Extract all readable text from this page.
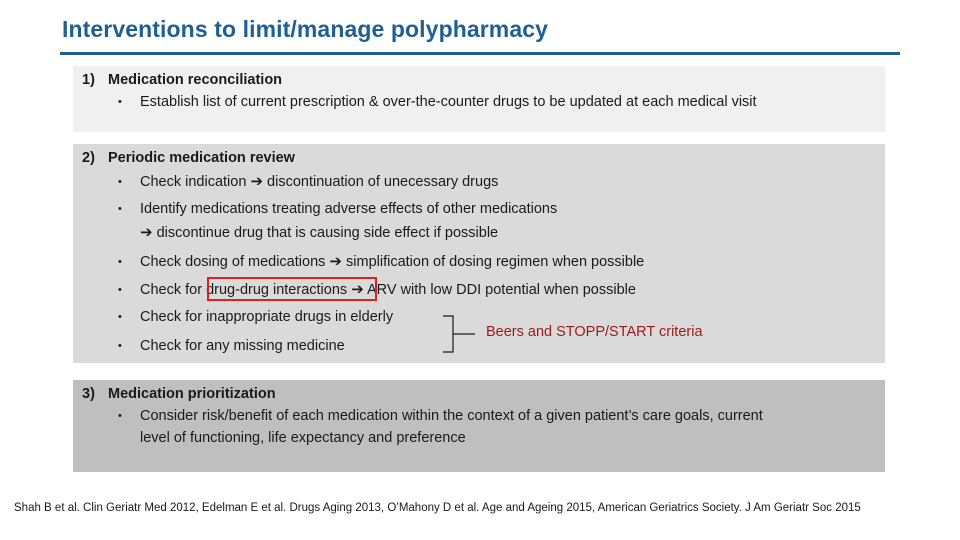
Interventions to limit/manage polypharmacy
1) Medication reconciliation
• Establish list of current prescription & over-the-counter drugs to be updated at each medical visit
2) Periodic medication review
• Check indication ➔ discontinuation of unecessary drugs
• Identify medications treating adverse effects of other medications
➔ discontinue drug that is causing side effect if possible
• Check dosing of medications ➔ simplification of dosing regimen when possible
• Check for drug-drug interactions ➔ ARV with low DDI potential when possible
• Check for inappropriate drugs in elderly
• Check for any missing medicine
Beers and STOPP/START criteria
3) Medication prioritization
• Consider risk/benefit of each medication within the context of a given patient’s care goals, current
level of functioning, life expectancy and preference
Shah B et al. Clin Geriatr Med 2012, Edelman E et al. Drugs Aging 2013, O’Mahony D et al. Age and Ageing 2015, American Geriatrics Society. J Am Geriatr Soc 2015
